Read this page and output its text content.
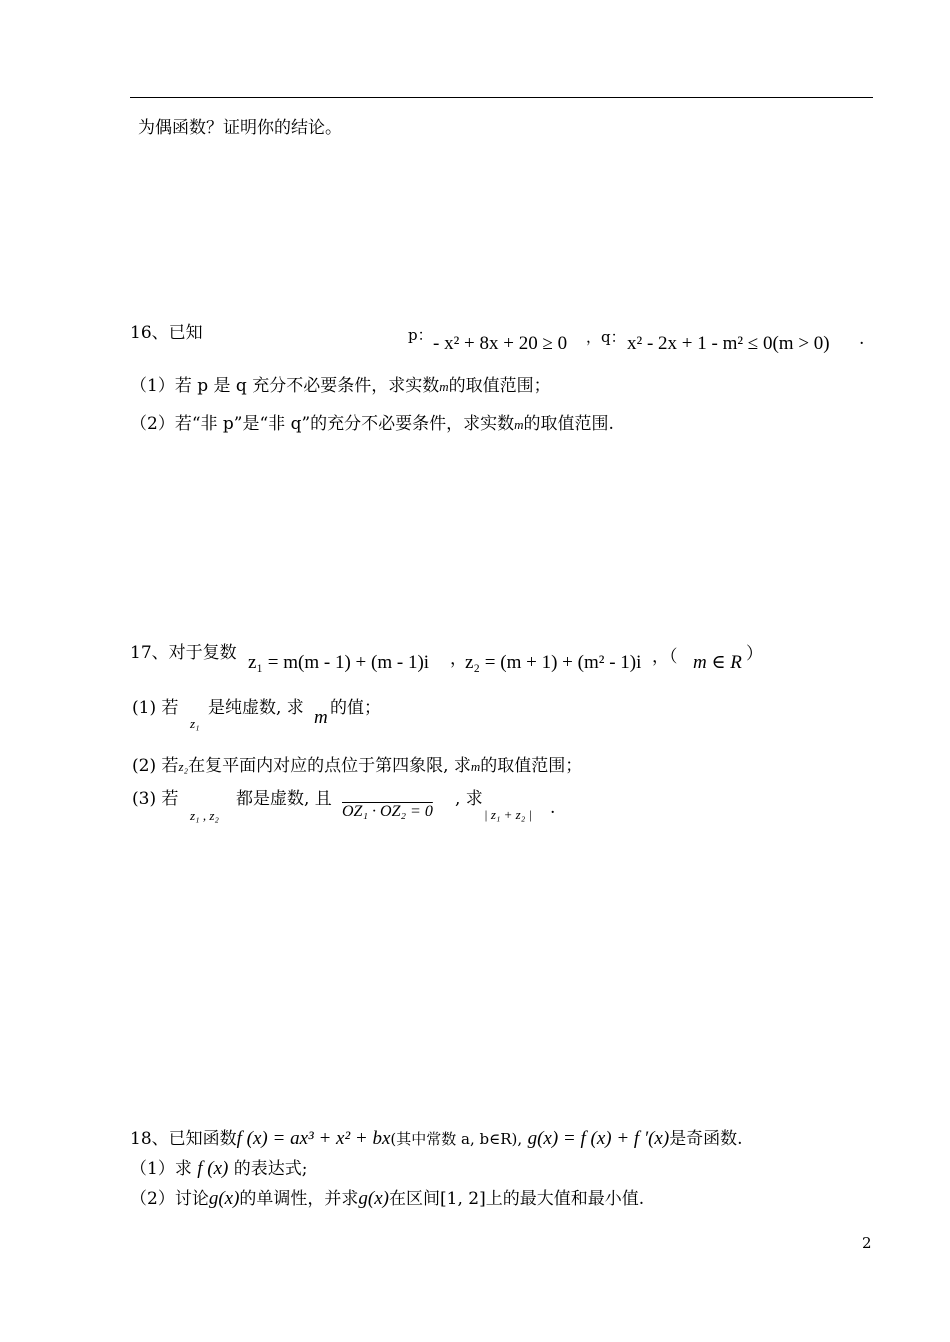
为偶函数？证明你的结论。
16、已知	p： - x² + 8x + 20 ≥ 0 ，q： x² - 2x + 1 - m² ≤ 0(m > 0) .
（1）若 p 是 q 充分不必要条件，求实数m的取值范围；
（2）若“非 p”是“非 q”的充分不必要条件，求实数m的取值范围.
17、对于复数 z₁ = m(m - 1) + (m - 1)i ，
z₂ = (m + 1) + (m² - 1)i ，（ m ∈ R ）
(1) 若
z₁
是纯虚数, 求 m 的值；
(2) 若z₂在复平面内对应的点位于第四象限, 求m的取值范围；
(3) 若
z₁ , z₂
都是虚数, 且
OZ₁ · OZ₂ = 0
, 求
| z₁ + z₂ | .
18、已知函数f (x) = ax³ + x² + bx(其中常数 a, b∈R), g(x) = f (x) + f ′(x)是奇函数.
（1）求 f (x) 的表达式;
（2）讨论g(x)的单调性，并求g(x)在区间[1, 2]上的最大值和最小值.
2
